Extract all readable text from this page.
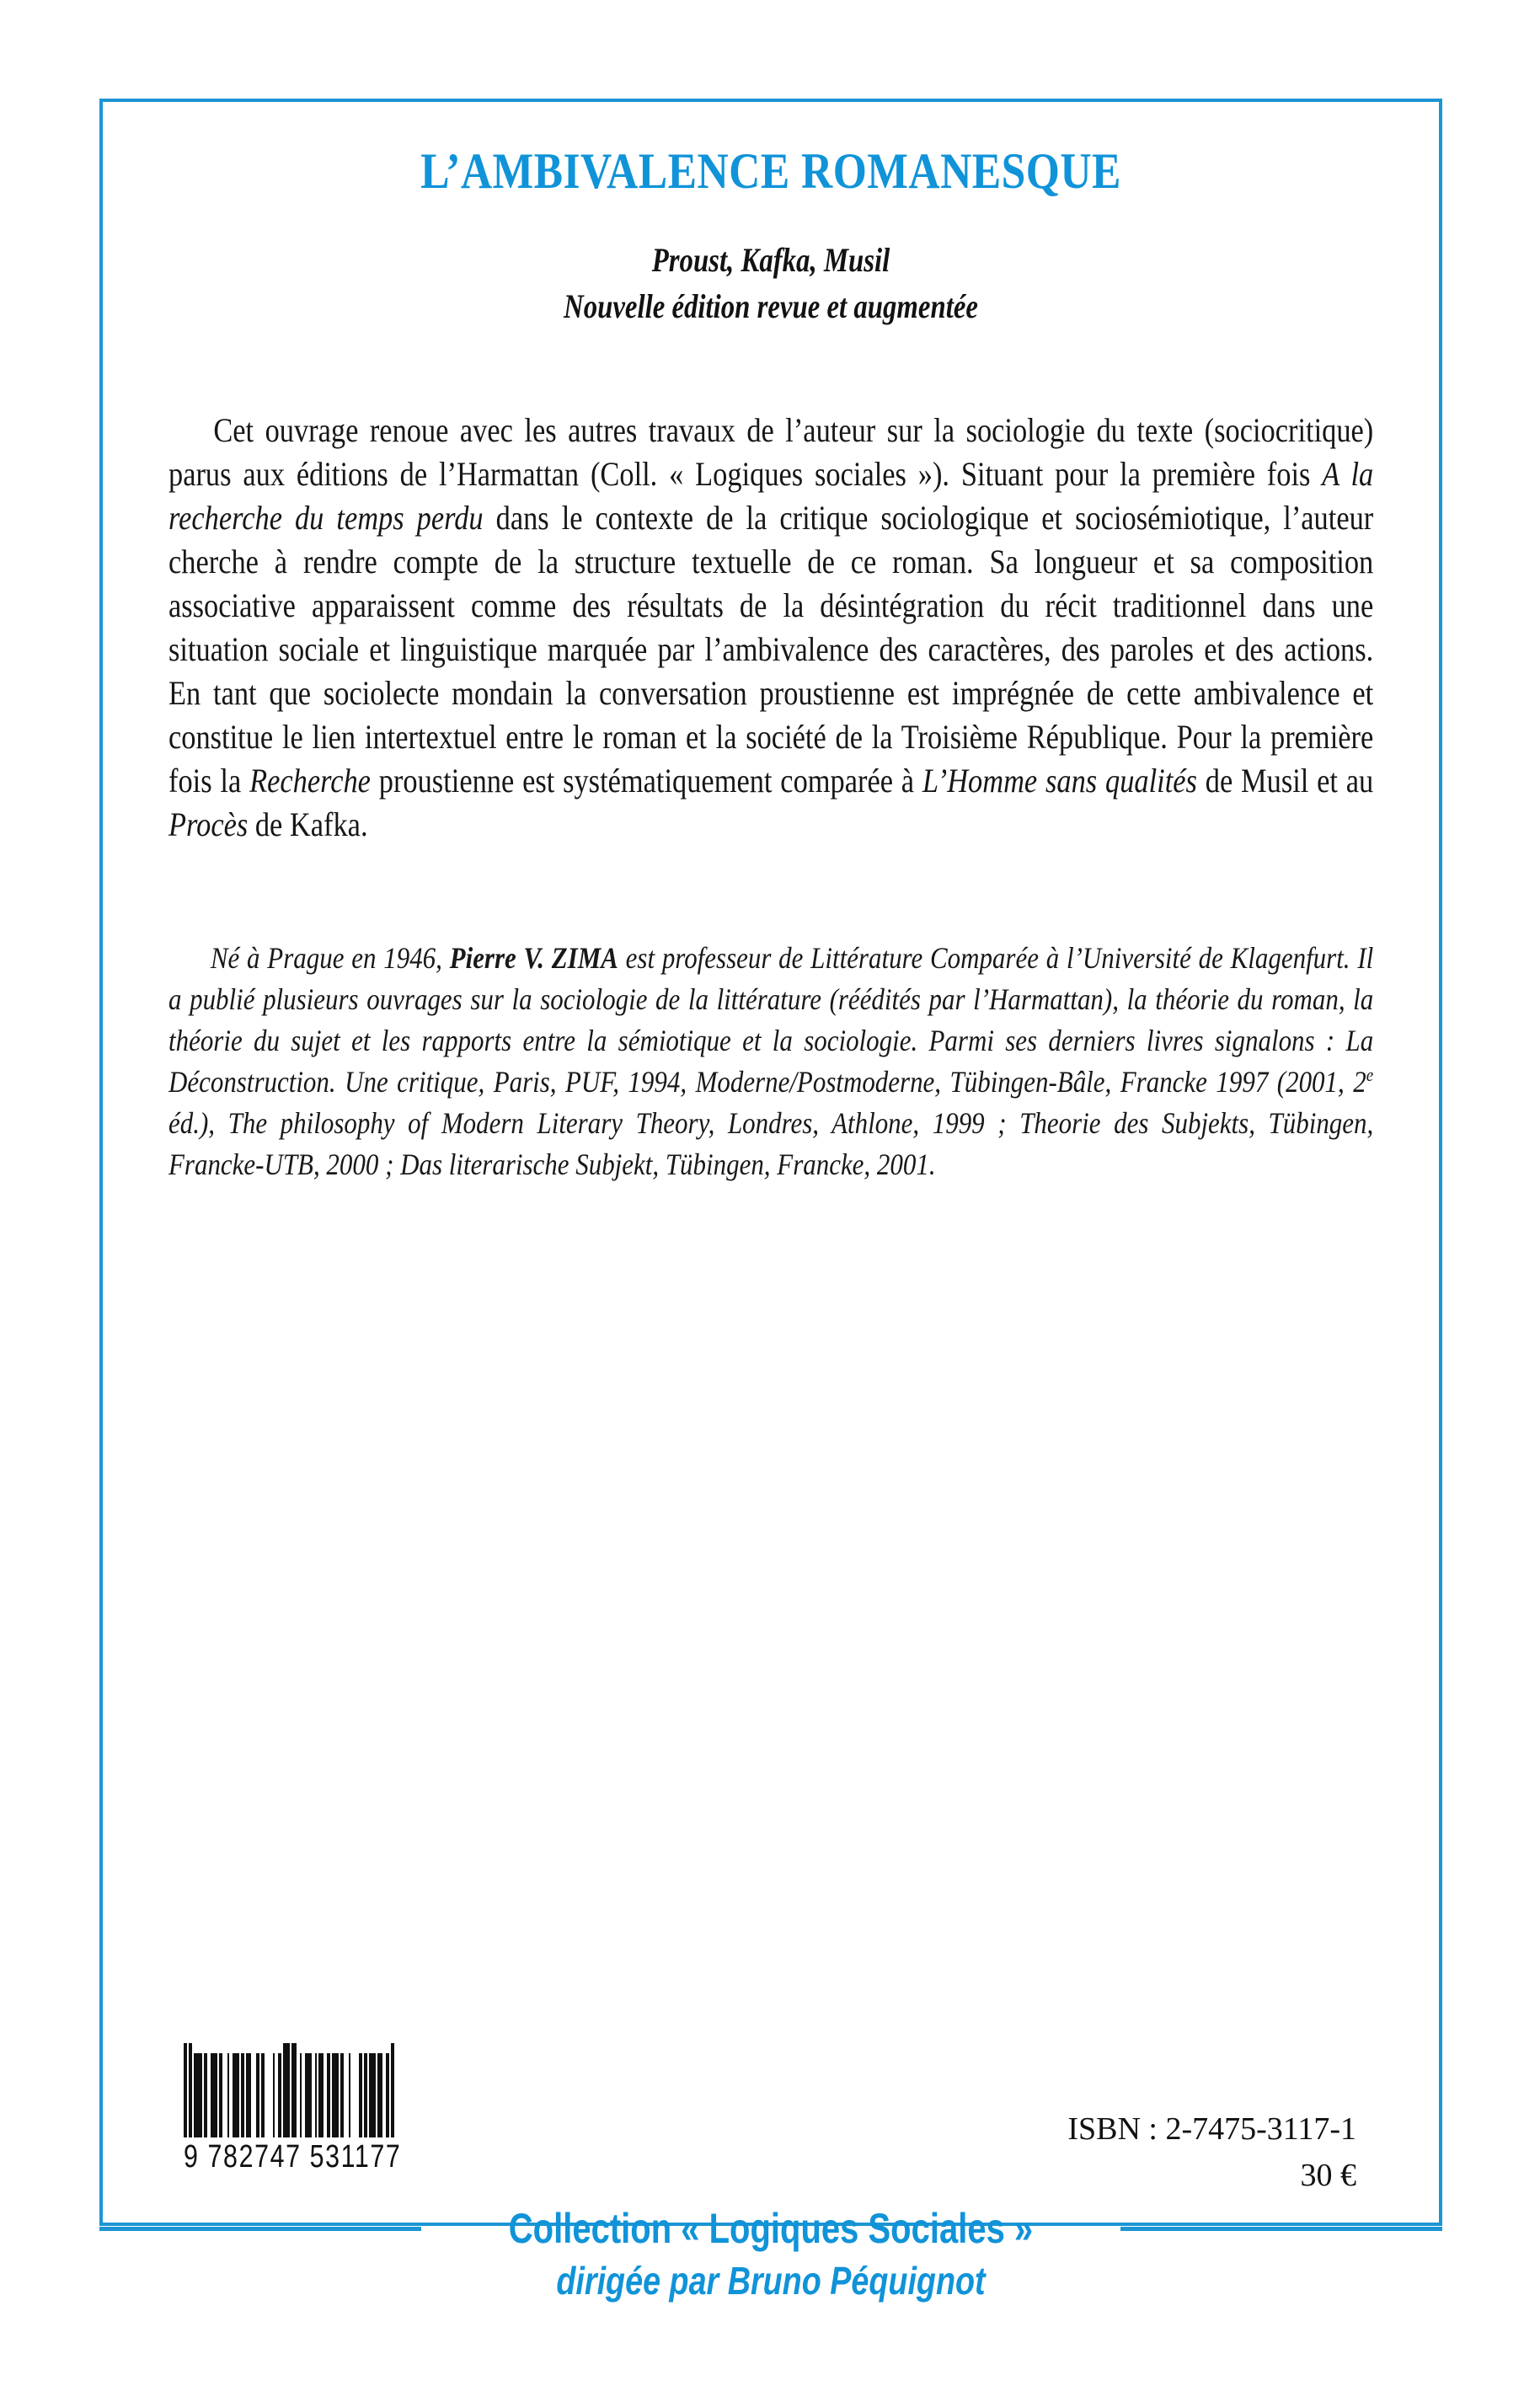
L’AMBIVALENCE ROMANESQUE
Proust, Kafka, Musil
Nouvelle édition revue et augmentée
Cet ouvrage renoue avec les autres travaux de l’auteur sur la sociologie du texte (sociocritique) parus aux éditions de l’Harmattan (Coll. « Logiques sociales »). Situant pour la première fois A la recherche du temps perdu dans le contexte de la critique sociologique et sociosémiotique, l’auteur cherche à rendre compte de la structure textuelle de ce roman. Sa longueur et sa composition associative apparaissent comme des résultats de la désintégration du récit traditionnel dans une situation sociale et linguistique marquée par l’ambivalence des caractères, des paroles et des actions. En tant que sociolecte mondain la conversation proustienne est imprégnée de cette ambivalence et constitue le lien intertextuel entre le roman et la société de la Troisième République. Pour la première fois la Recherche proustienne est systématiquement comparée à L’Homme sans qualités de Musil et au Procès de Kafka.
Né à Prague en 1946, Pierre V. ZIMA est professeur de Littérature Comparée à l’Université de Klagenfurt. Il a publié plusieurs ouvrages sur la sociologie de la littérature (réédités par l’Harmattan), la théorie du roman, la théorie du sujet et les rapports entre la sémiotique et la sociologie. Parmi ses derniers livres signalons : La Déconstruction. Une critique, Paris, PUF, 1994, Moderne/Postmoderne, Tübingen-Bâle, Francke 1997 (2001, 2e éd.), The philosophy of Modern Literary Theory, Londres, Athlone, 1999 ; Theorie des Subjekts, Tübingen, Francke-UTB, 2000 ; Das literarische Subjekt, Tübingen, Francke, 2001.
9 782747 531177
ISBN : 2-7475-3117-1
30 €
Collection « Logiques Sociales »
dirigée par Bruno Péquignot
